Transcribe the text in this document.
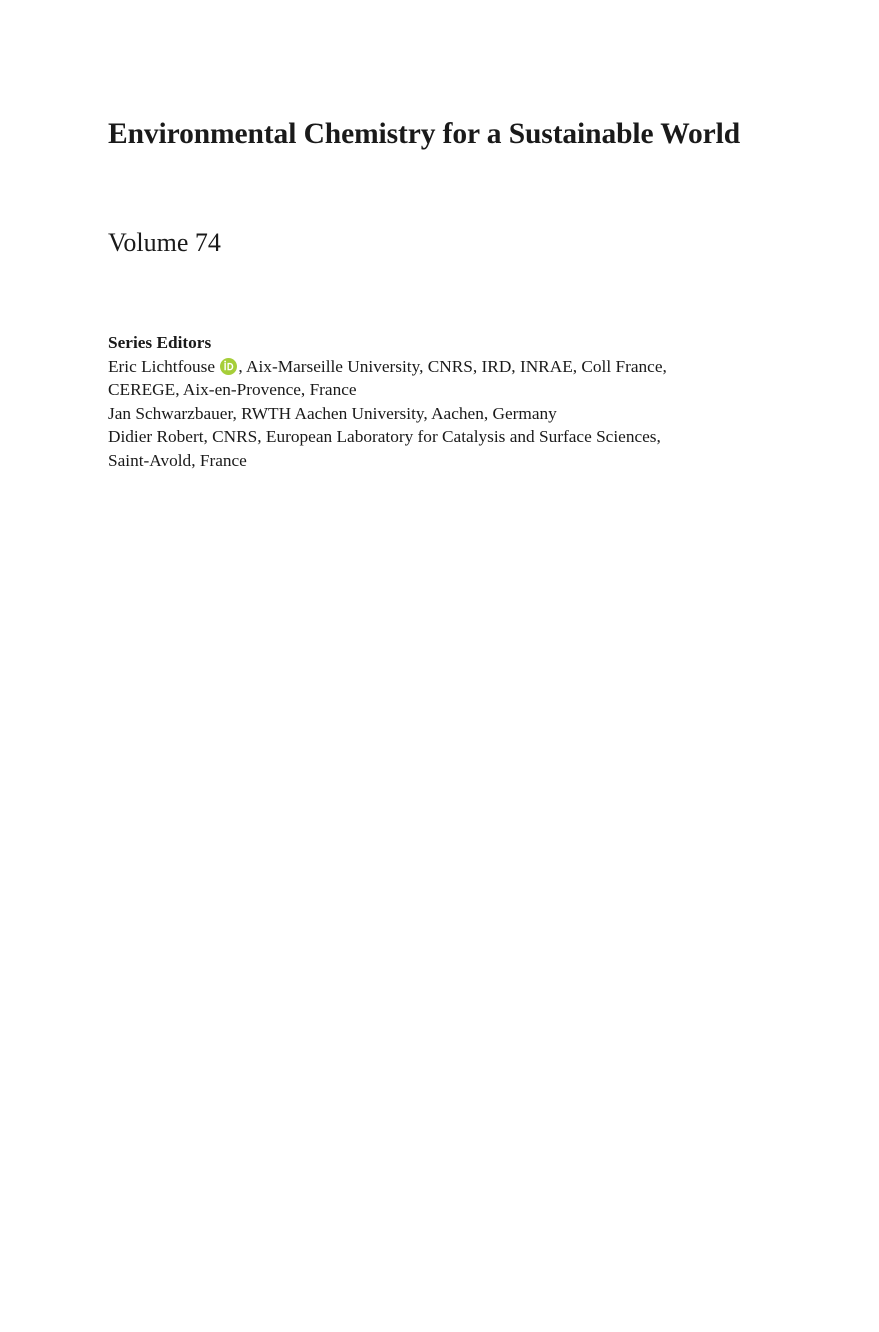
Environmental Chemistry for a Sustainable World
Volume 74
Series Editors
Eric Lichtfouse , Aix-Marseille University, CNRS, IRD, INRAE, Coll France,
CEREGE, Aix-en-Provence, France
Jan Schwarzbauer, RWTH Aachen University, Aachen, Germany
Didier Robert, CNRS, European Laboratory for Catalysis and Surface Sciences,
Saint-Avold, France
